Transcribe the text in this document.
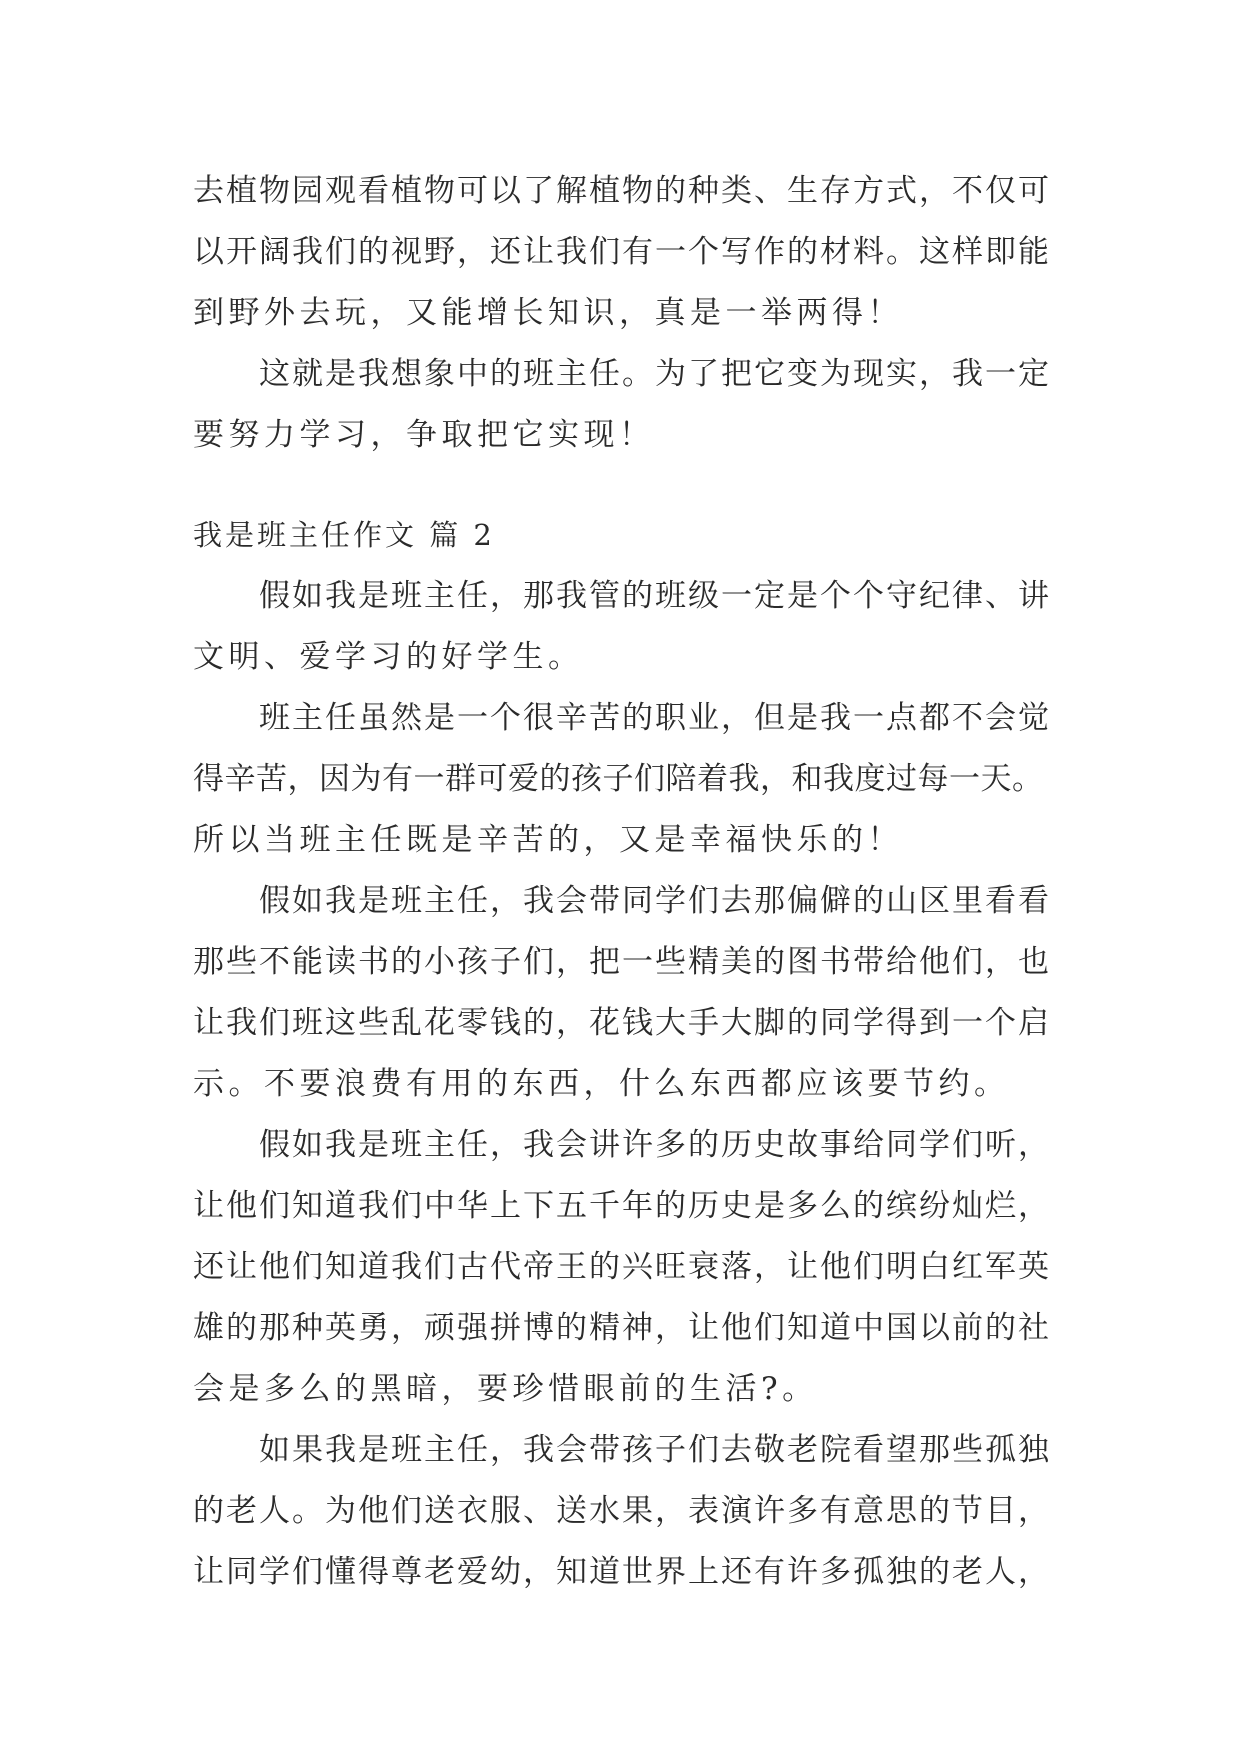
去植物园观看植物可以了解植物的种类、生存方式，不仅可
以开阔我们的视野，还让我们有一个写作的材料。这样即能
到野外去玩，又能增长知识，真是一举两得！
这就是我想象中的班主任。为了把它变为现实，我一定
要努力学习，争取把它实现！
我是班主任作文 篇 2
假如我是班主任，那我管的班级一定是个个守纪律、讲
文明、爱学习的好学生。
班主任虽然是一个很辛苦的职业，但是我一点都不会觉
得辛苦，因为有一群可爱的孩子们陪着我，和我度过每一天。
所以当班主任既是辛苦的，又是幸福快乐的！
假如我是班主任，我会带同学们去那偏僻的山区里看看
那些不能读书的小孩子们，把一些精美的图书带给他们，也
让我们班这些乱花零钱的，花钱大手大脚的同学得到一个启
示。不要浪费有用的东西，什么东西都应该要节约。
假如我是班主任，我会讲许多的历史故事给同学们听，
让他们知道我们中华上下五千年的历史是多么的缤纷灿烂，
还让他们知道我们古代帝王的兴旺衰落，让他们明白红军英
雄的那种英勇，顽强拼博的精神，让他们知道中国以前的社
会是多么的黑暗，要珍惜眼前的生活?。
如果我是班主任，我会带孩子们去敬老院看望那些孤独
的老人。为他们送衣服、送水果，表演许多有意思的节目，
让同学们懂得尊老爱幼，知道世界上还有许多孤独的老人，
